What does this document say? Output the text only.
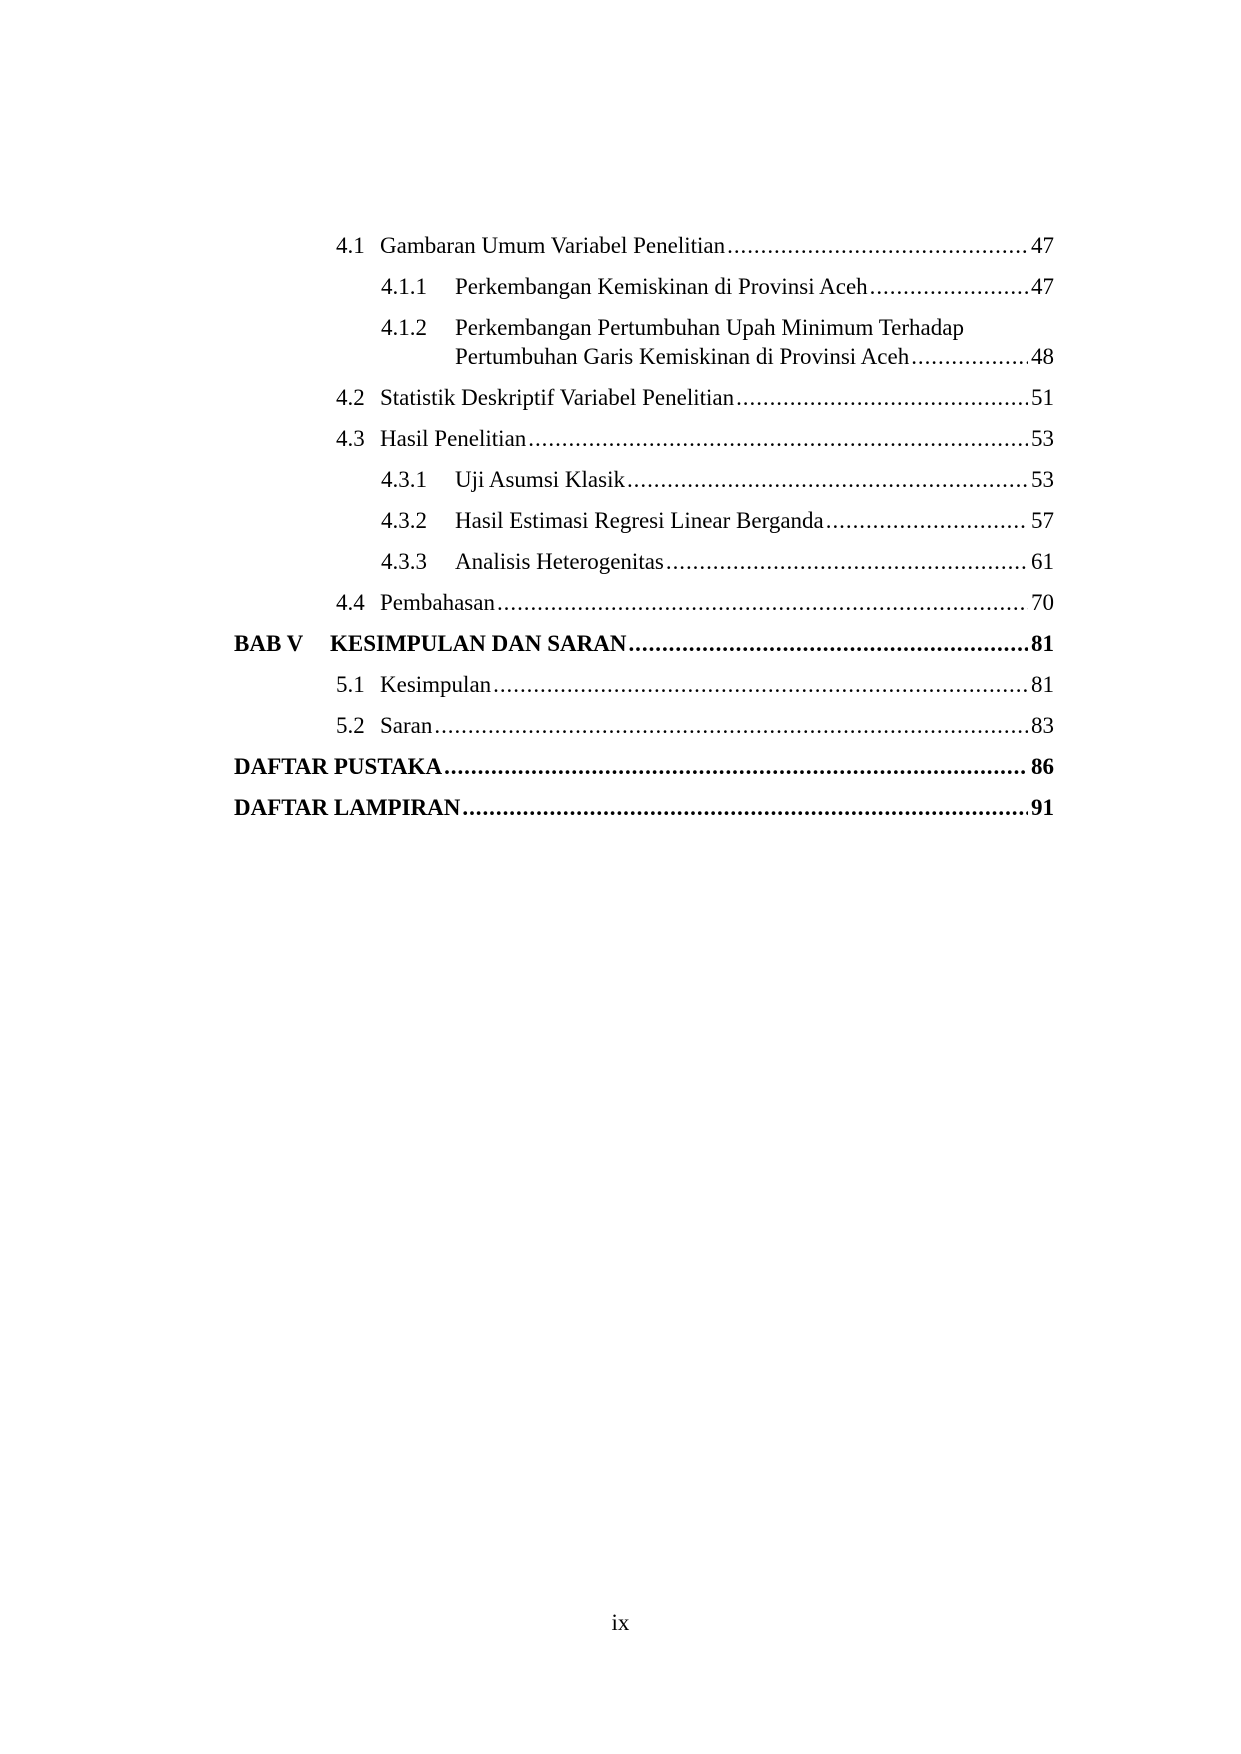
4.1 Gambaran Umum Variabel Penelitian . . .	47
4.1.1	Perkembangan Kemiskinan di Provinsi Aceh . . .	47
4.1.2 Perkembangan Pertumbuhan Upah Minimum Terhadap
Pertumbuhan Garis Kemiskinan di Provinsi Aceh . . .	48
4.2 Statistik Deskriptif Variabel Penelitian . . .	51
4.3 Hasil Penelitian . . .	53
4.3.1	Uji Asumsi Klasik . . .	53
4.3.2	Hasil Estimasi Regresi Linear Berganda . . .	57
4.3.3	Analisis Heterogenitas . . .	61
4.4 Pembahasan . . .	70
BAB V	KESIMPULAN DAN SARAN . . .	81
5.1 Kesimpulan . . .	81
5.2 Saran . . .	83
DAFTAR PUSTAKA . . .	86
DAFTAR LAMPIRAN . . .	91
ix
